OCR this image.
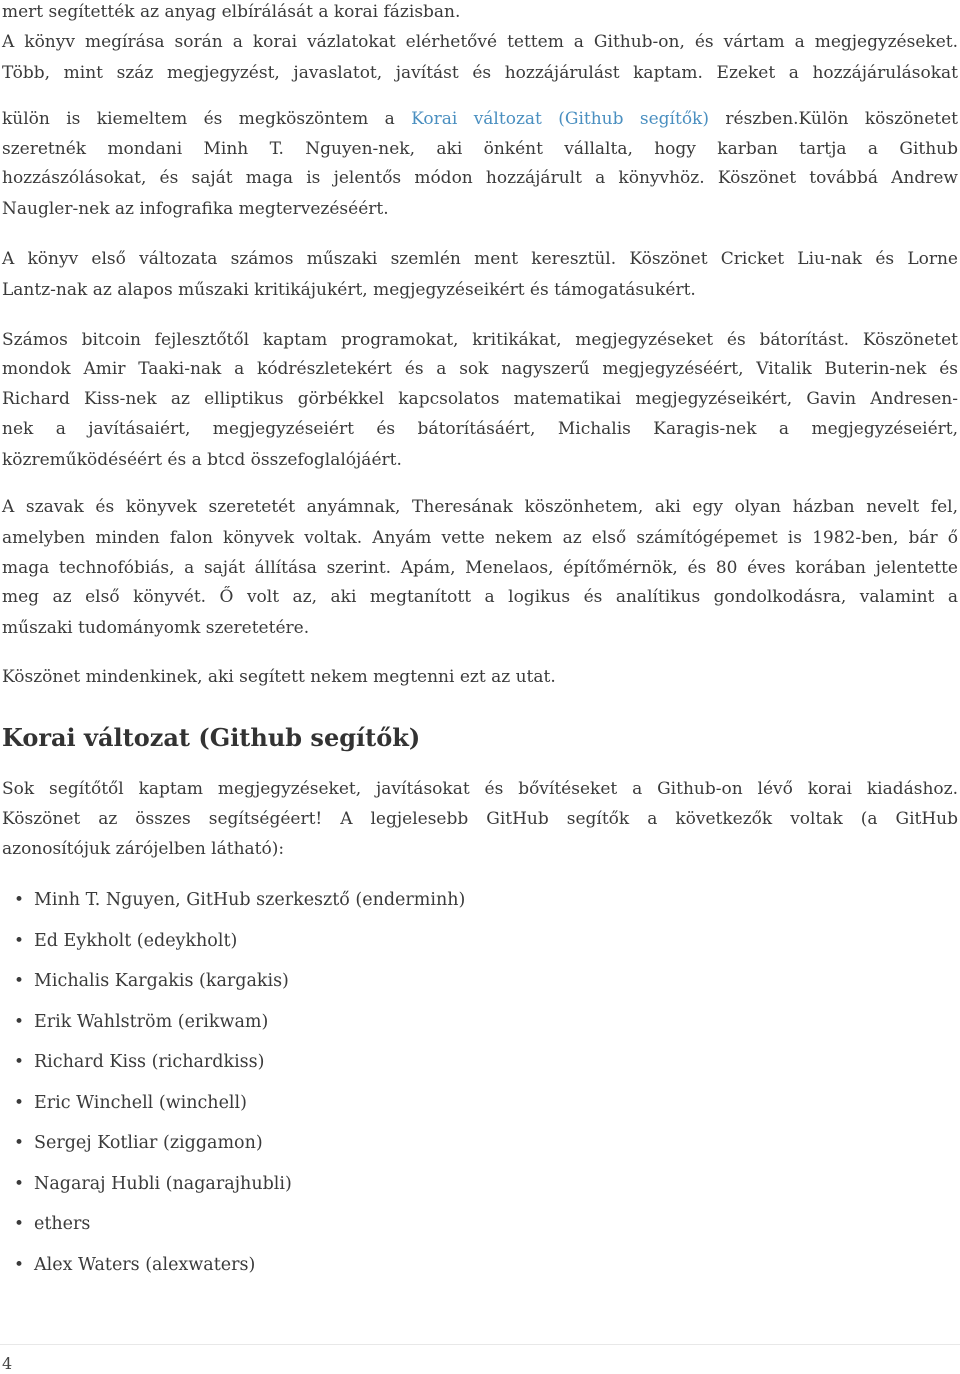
mert segítették az anyag elbírálását a korai fázisban.
A könyv megírása során a korai vázlatokat elérhetővé tettem a Github-on, és vártam a megjegyzéseket.
Több, mint száz megjegyzést, javaslatot, javítást és hozzájárulást kaptam. Ezeket a hozzájárulásokat
külön is kiemeltem és megköszöntem a Korai változat (Github segítők) részben.Külön köszönetet
szeretnék mondani Minh T. Nguyen-nek, aki önként vállalta, hogy karban tartja a Github
hozzászólásokat, és saját maga is jelentős módon hozzájárult a könyvhöz. Köszönet továbbá Andrew
Naugler-nek az infografika megtervezéséért.
A könyv első változata számos műszaki szemlén ment keresztül. Köszönet Cricket Liu-nak és Lorne
Lantz-nak az alapos műszaki kritikájukért, megjegyzéseikért és támogatásukért.
Számos bitcoin fejlesztőtől kaptam programokat, kritikákat, megjegyzéseket és bátorítást. Köszönetet
mondok Amir Taaki-nak a kódrészletekért és a sok nagyszerű megjegyzéséért, Vitalik Buterin-nek és
Richard Kiss-nek az elliptikus görbékkel kapcsolatos matematikai megjegyzéseikért, Gavin Andresen-
nek a javításaiért, megjegyzéseiért és bátorításáért, Michalis Karagis-nek a megjegyzéseiért,
közreműködéséért és a btcd összefoglalójáért.
A szavak és könyvek szeretetét anyámnak, Theresának köszönhetem, aki egy olyan házban nevelt fel,
amelyben minden falon könyvek voltak. Anyám vette nekem az első számítógépemet is 1982-ben, bár ő
maga technofóbiás, a saját állítása szerint. Apám, Menelaos, építőmérnök, és 80 éves korában jelentette
meg az első könyvét. Ő volt az, aki megtanított a logikus és analítikus gondolkodásra, valamint a
műszaki tudományomk szeretetére.
Köszönet mindenkinek, aki segített nekem megtenni ezt az utat.
Korai változat (Github segítők)
Sok segítőtől kaptam megjegyzéseket, javításokat és bővítéseket a Github-on lévő korai kiadáshoz.
Köszönet az összes segítségéert! A legjelesebb GitHub segítők a következők voltak (a GitHub
azonosítójuk zárójelben látható):
• Minh T. Nguyen, GitHub szerkesztő (enderminh)
• Ed Eykholt (edeykholt)
• Michalis Kargakis (kargakis)
• Erik Wahlström (erikwam)
• Richard Kiss (richardkiss)
• Eric Winchell (winchell)
• Sergej Kotliar (ziggamon)
• Nagaraj Hubli (nagarajhubli)
• ethers
• Alex Waters (alexwaters)
4
